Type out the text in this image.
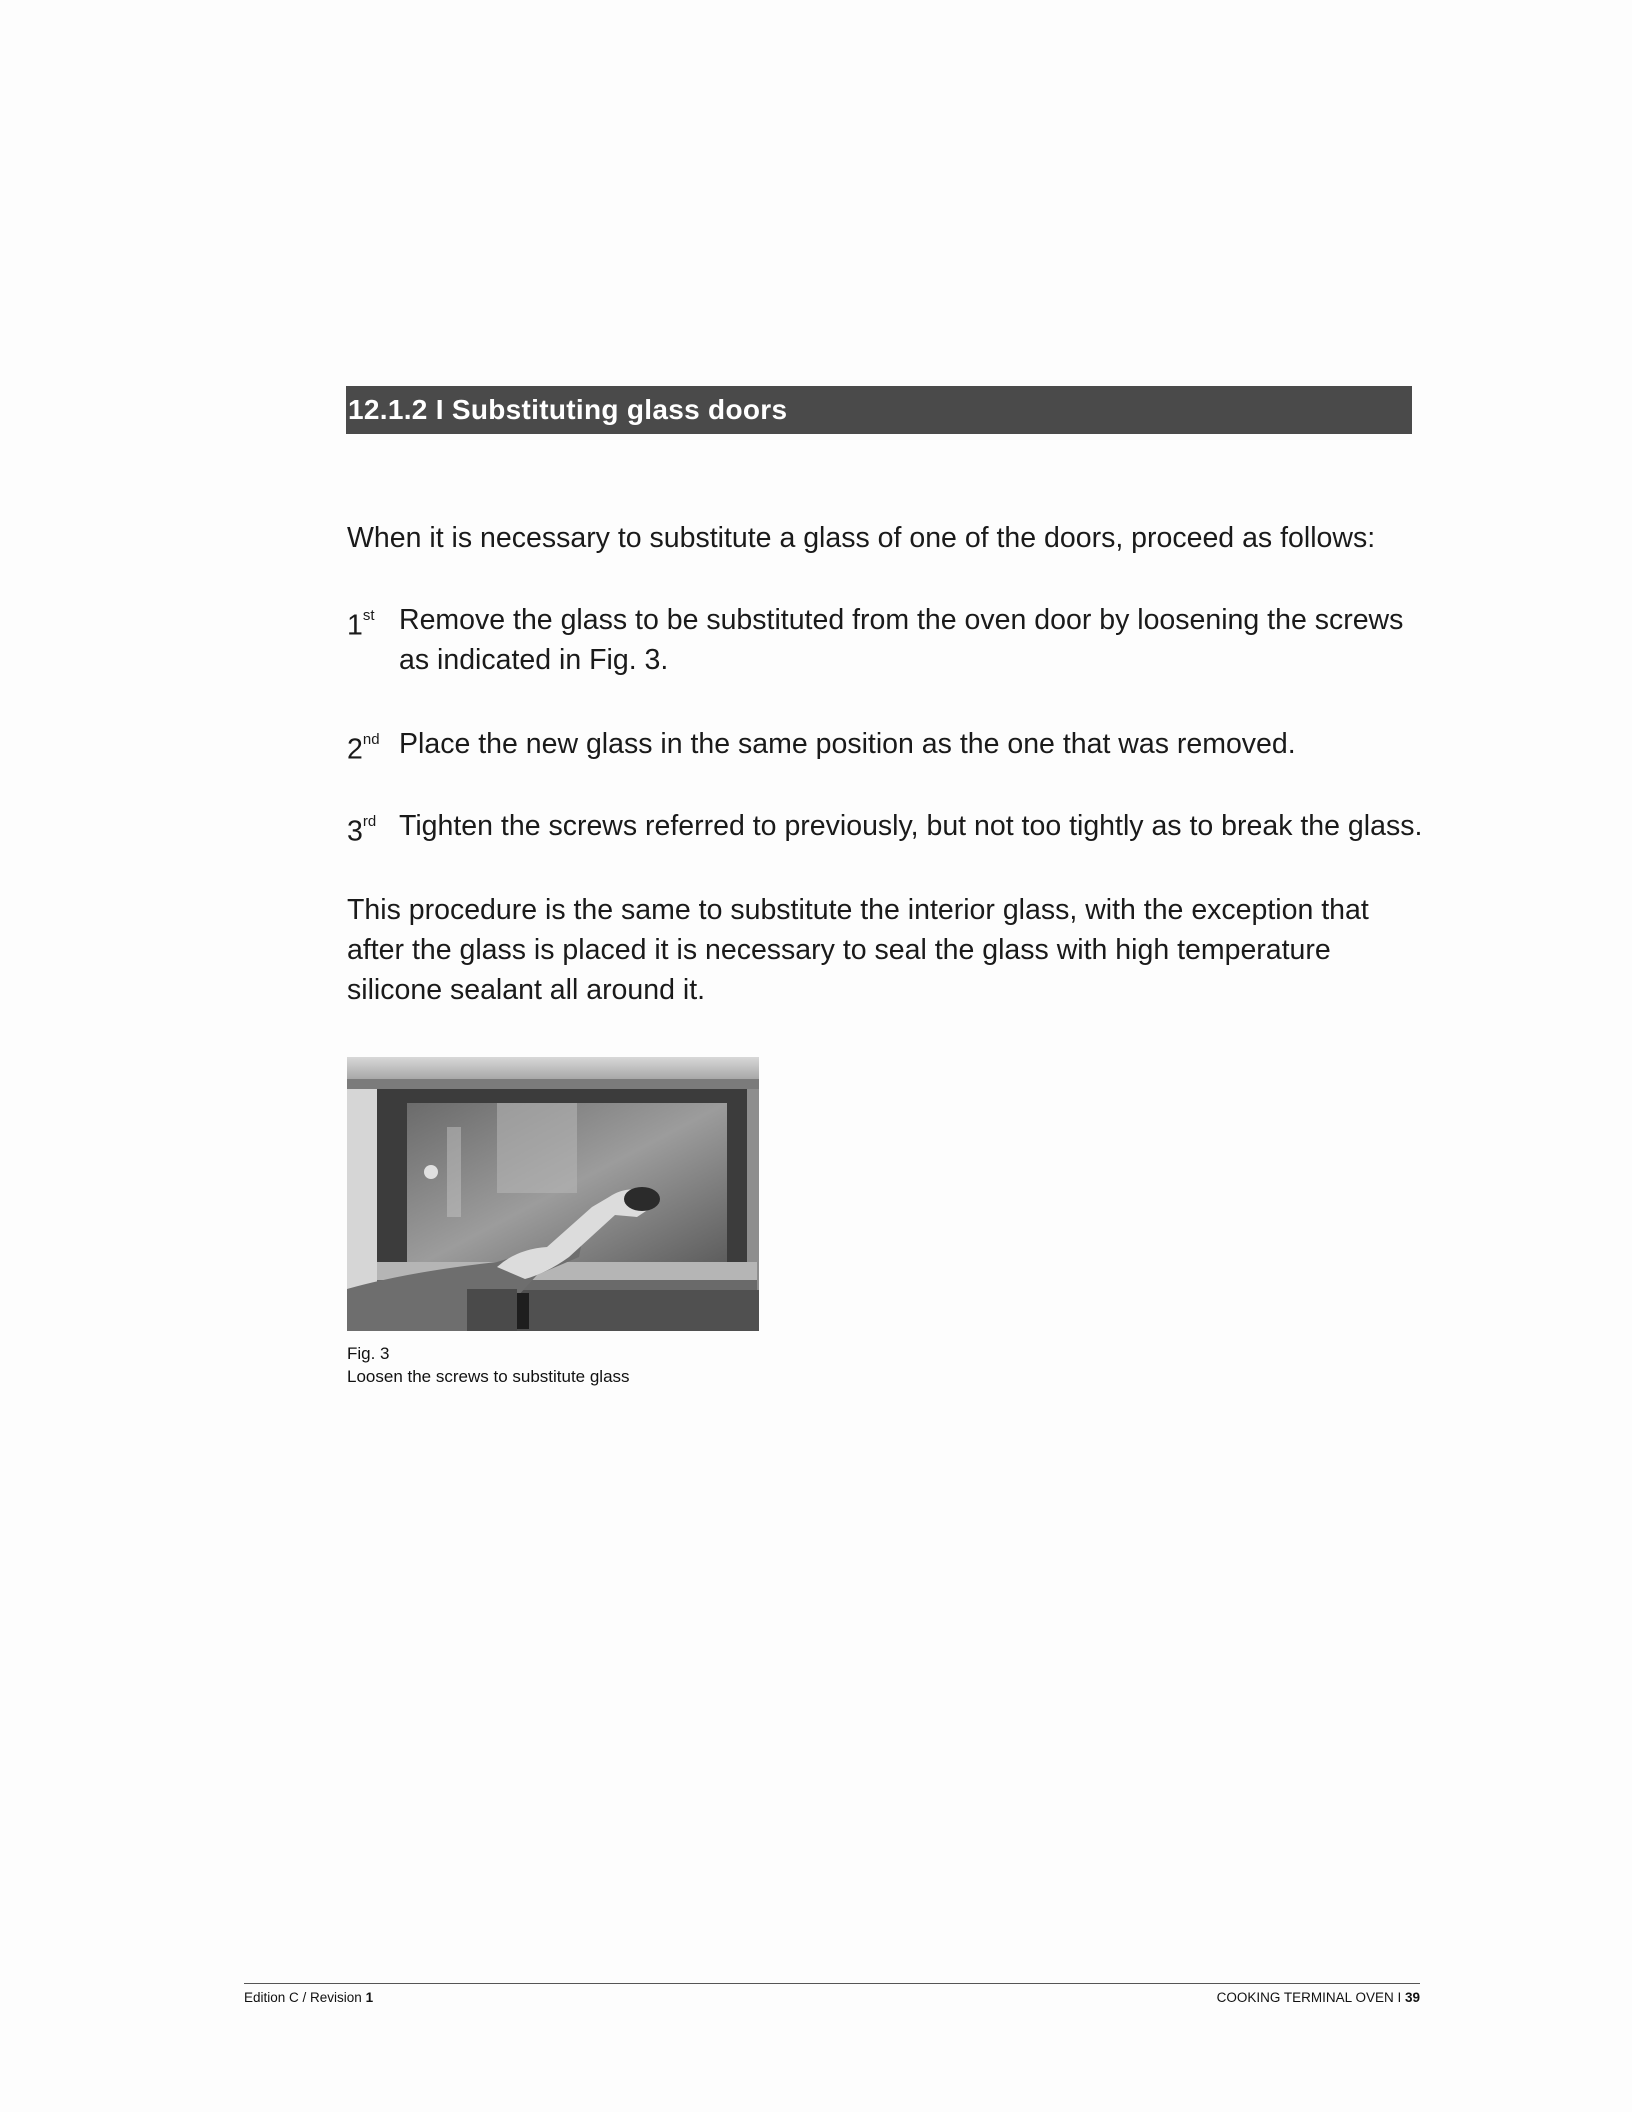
12.1.2 I Substituting glass doors
When it is necessary to substitute a glass of one of the doors, proceed as follows:
1st Remove the glass to be substituted from the oven door by loosening the screws as indicated in Fig. 3.
2nd Place the new glass in the same position as the one that was removed.
3rd Tighten the screws referred to previously, but not too tightly as to break the glass.
This procedure is the same to substitute the interior glass, with the exception that after the glass is placed it is necessary to seal the glass with high temperature silicone sealant all around it.
Fig. 3
Loosen the screws to substitute glass
Edition C / Revision 1	COOKING TERMINAL OVEN I 39
